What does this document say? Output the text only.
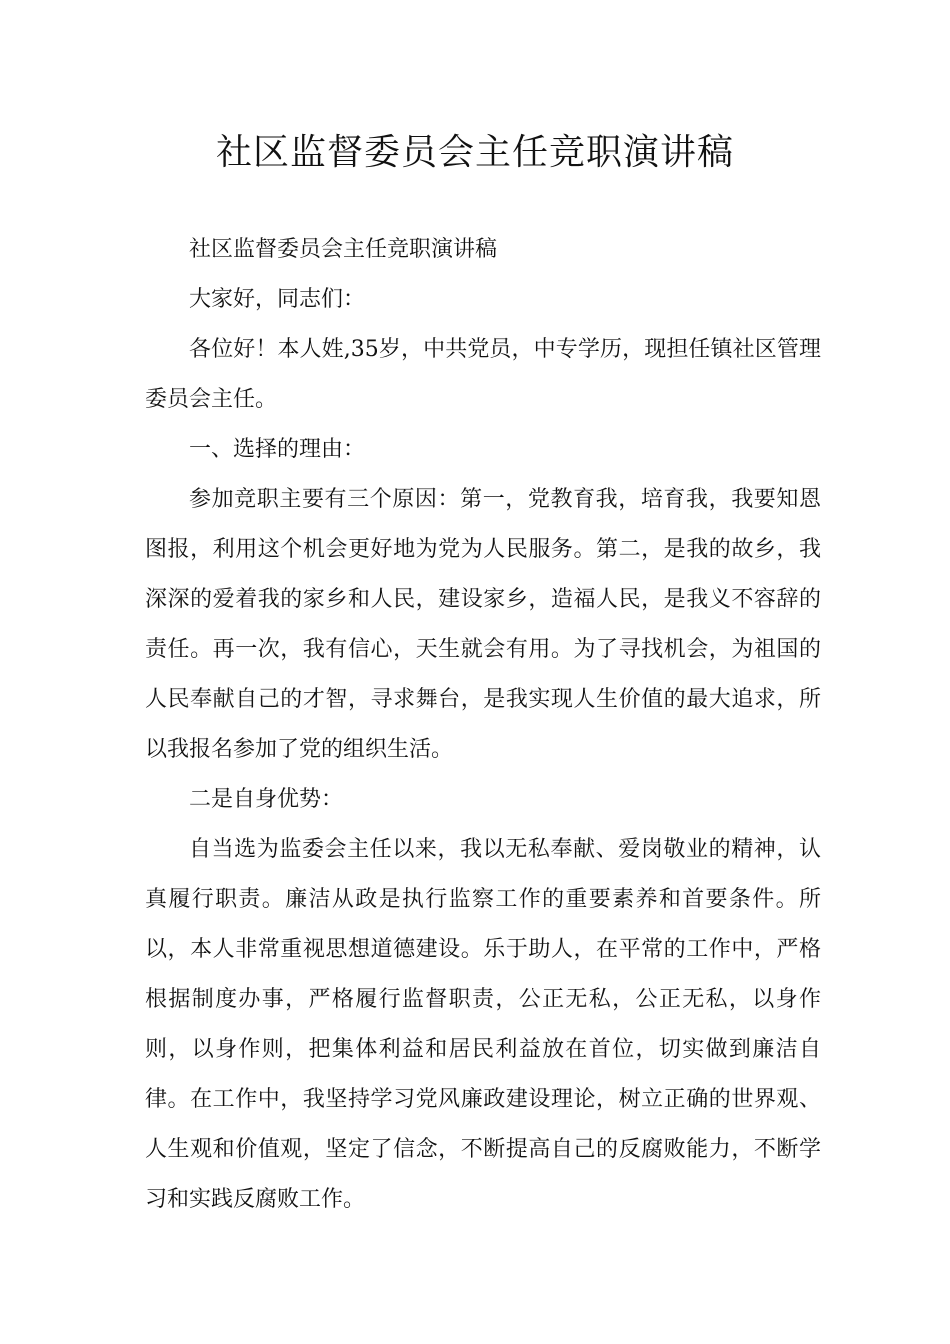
社区监督委员会主任竞职演讲稿

社区监督委员会主任竞职演讲稿

大家好，同志们：

各位好！本人姓,35岁，中共党员，中专学历，现担任镇社区管理委员会主任。

一、选择的理由：

参加竞职主要有三个原因：第一，党教育我，培育我，我要知恩图报，利用这个机会更好地为党为人民服务。第二，是我的故乡，我深深的爱着我的家乡和人民，建设家乡，造福人民，是我义不容辞的责任。再一次，我有信心，天生就会有用。为了寻找机会，为祖国的人民奉献自己的才智，寻求舞台，是我实现人生价值的最大追求，所以我报名参加了党的组织生活。

二是自身优势：

自当选为监委会主任以来，我以无私奉献、爱岗敬业的精神，认真履行职责。廉洁从政是执行监察工作的重要素养和首要条件。所以，本人非常重视思想道德建设。乐于助人，在平常的工作中，严格根据制度办事，严格履行监督职责，公正无私，公正无私，以身作则，以身作则，把集体利益和居民利益放在首位，切实做到廉洁自律。在工作中，我坚持学习党风廉政建设理论，树立正确的世界观、人生观和价值观，坚定了信念，不断提高自己的反腐败能力，不断学习和实践反腐败工作。
